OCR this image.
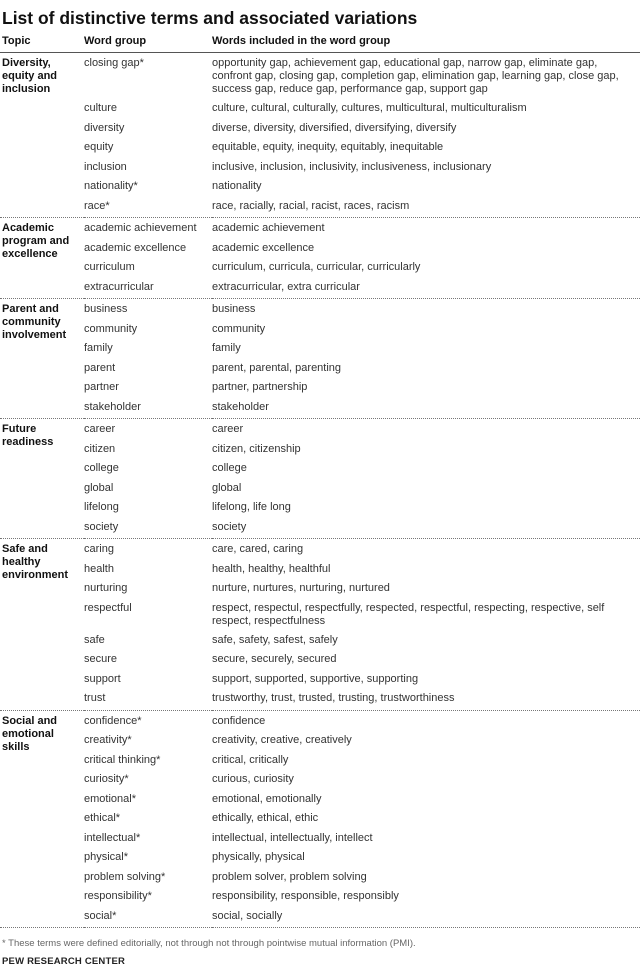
List of distinctive terms and associated variations
Topic	Word group	Words included in the word group
Diversity, equity and inclusion	closing gap*	opportunity gap, achievement gap, educational gap, narrow gap, eliminate gap, confront gap, closing gap, completion gap, elimination gap, learning gap, close gap, success gap, reduce gap, performance gap, support gap
	culture	culture, cultural, culturally, cultures, multicultural, multiculturalism
	diversity	diverse, diversity, diversified, diversifying, diversify
	equity	equitable, equity, inequity, equitably, inequitable
	inclusion	inclusive, inclusion, inclusivity, inclusiveness, inclusionary
	nationality*	nationality
	race*	race, racially, racial, racist, races, racism
Academic program and excellence	academic achievement	academic achievement
	academic excellence	academic excellence
	curriculum	curriculum, curricula, curricular, curricularly
	extracurricular	extracurricular, extra curricular
Parent and community involvement	business	business
	community	community
	family	family
	parent	parent, parental, parenting
	partner	partner, partnership
	stakeholder	stakeholder
Future readiness	career	career
	citizen	citizen, citizenship
	college	college
	global	global
	lifelong	lifelong, life long
	society	society
Safe and healthy environment	caring	care, cared, caring
	health	health, healthy, healthful
	nurturing	nurture, nurtures, nurturing, nurtured
	respectful	respect, respectul, respectfully, respected, respectful, respecting, respective, self respect, respectfulness
	safe	safe, safety, safest, safely
	secure	secure, securely, secured
	support	support, supported, supportive, supporting
	trust	trustworthy, trust, trusted, trusting, trustworthiness
Social and emotional skills	confidence*	confidence
	creativity*	creativity, creative, creatively
	critical thinking*	critical, critically
	curiosity*	curious, curiosity
	emotional*	emotional, emotionally
	ethical*	ethically, ethical, ethic
	intellectual*	intellectual, intellectually, intellect
	physical*	physically, physical
	problem solving*	problem solver, problem solving
	responsibility*	responsibility, responsible, responsibly
	social*	social, socially
* These terms were defined editorially, not through not through pointwise mutual information (PMI).
PEW RESEARCH CENTER
